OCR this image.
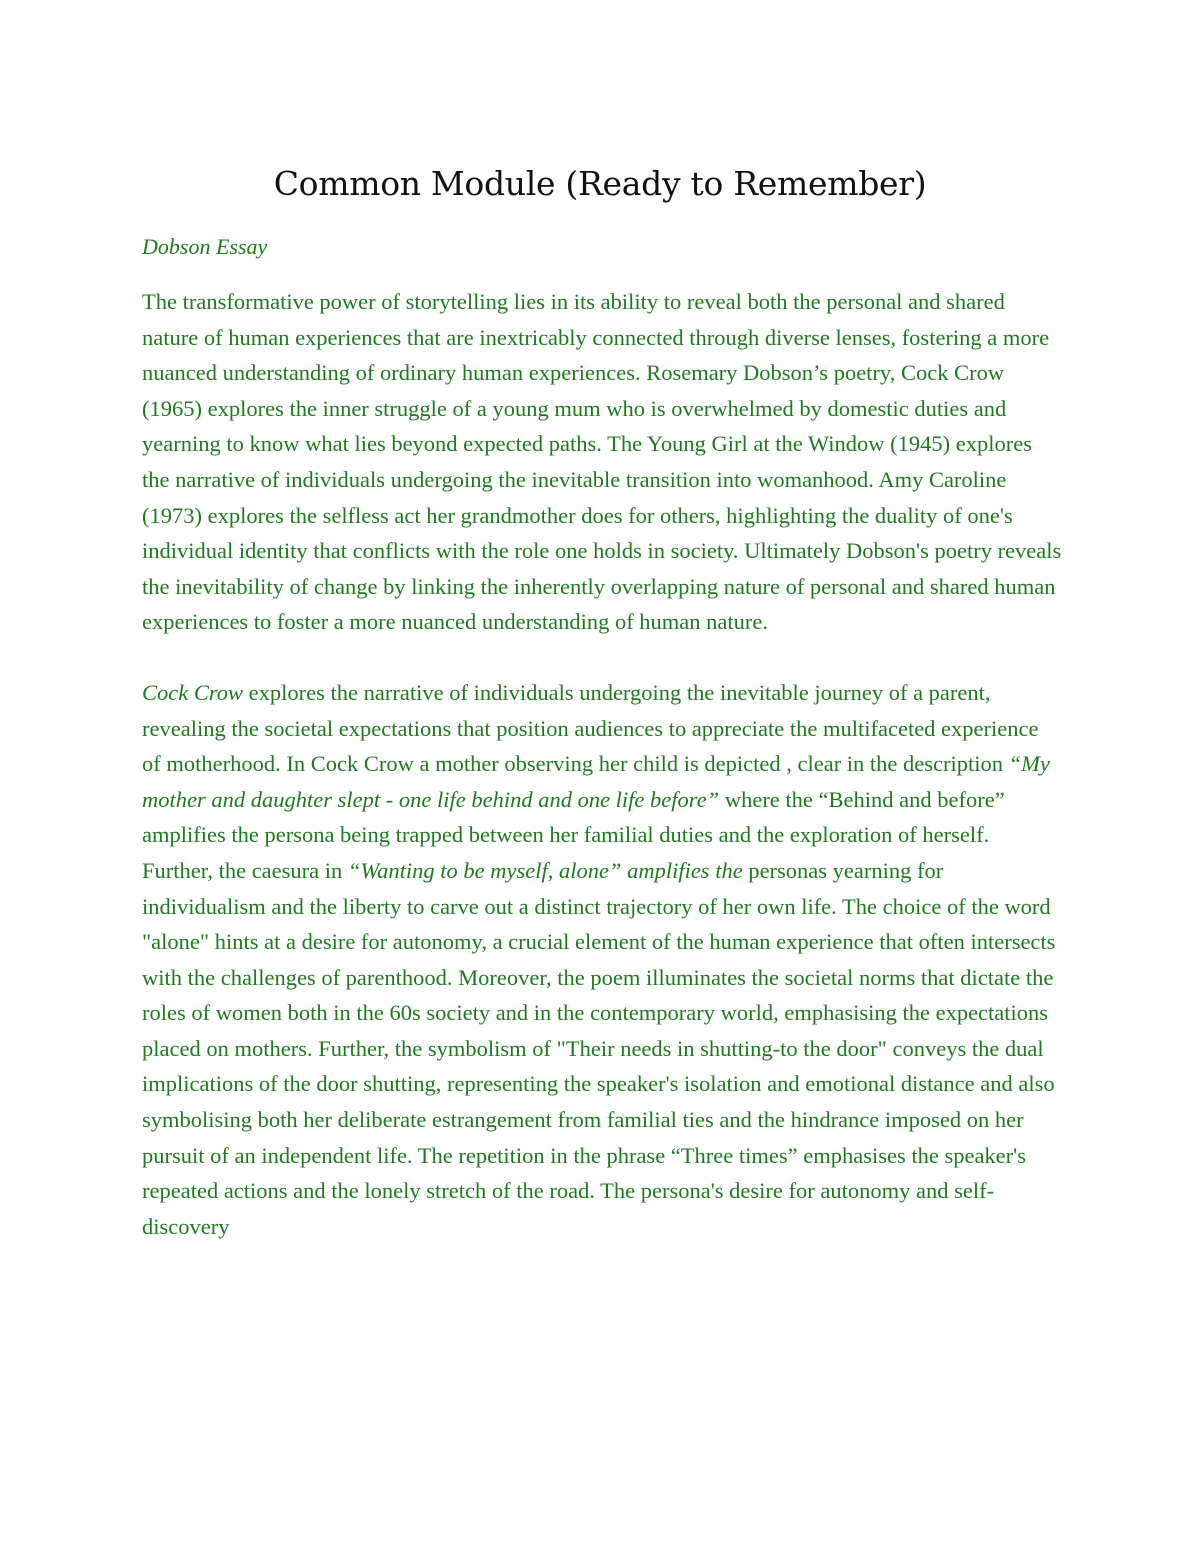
Common Module (Ready to Remember)

Dobson Essay

The transformative power of storytelling lies in its ability to reveal both the personal and shared nature of human experiences that are inextricably connected through diverse lenses, fostering a more nuanced understanding of ordinary human experiences. Rosemary Dobson’s poetry, Cock Crow (1965) explores the inner struggle of a young mum who is overwhelmed by domestic duties and yearning to know what lies beyond expected paths. The Young Girl at the Window (1945) explores the narrative of individuals undergoing the inevitable transition into womanhood. Amy Caroline (1973) explores the selfless act her grandmother does for others, highlighting the duality of one's individual identity that conflicts with the role one holds in society. Ultimately Dobson's poetry reveals the inevitability of change by linking the inherently overlapping nature of personal and shared human experiences to foster a more nuanced understanding of human nature.

Cock Crow explores the narrative of individuals undergoing the inevitable journey of a parent, revealing the societal expectations that position audiences to appreciate the multifaceted experience of motherhood. In Cock Crow a mother observing her child is depicted , clear in the description “My mother and daughter slept - one life behind and one life before” where the “Behind and before” amplifies the persona being trapped between her familial duties and the exploration of herself. Further, the caesura in “Wanting to be myself, alone” amplifies the personas yearning for individualism and the liberty to carve out a distinct trajectory of her own life. The choice of the word "alone" hints at a desire for autonomy, a crucial element of the human experience that often intersects with the challenges of parenthood. Moreover, the poem illuminates the societal norms that dictate the roles of women both in the 60s society and in the contemporary world, emphasising the expectations placed on mothers. Further, the symbolism of "Their needs in shutting-to the door" conveys the dual implications of the door shutting, representing the speaker's isolation and emotional distance and also symbolising both her deliberate estrangement from familial ties and the hindrance imposed on her pursuit of an independent life. The repetition in the phrase “Three times” emphasises the speaker's repeated actions and the lonely stretch of the road. The persona's desire for autonomy and self-discovery
